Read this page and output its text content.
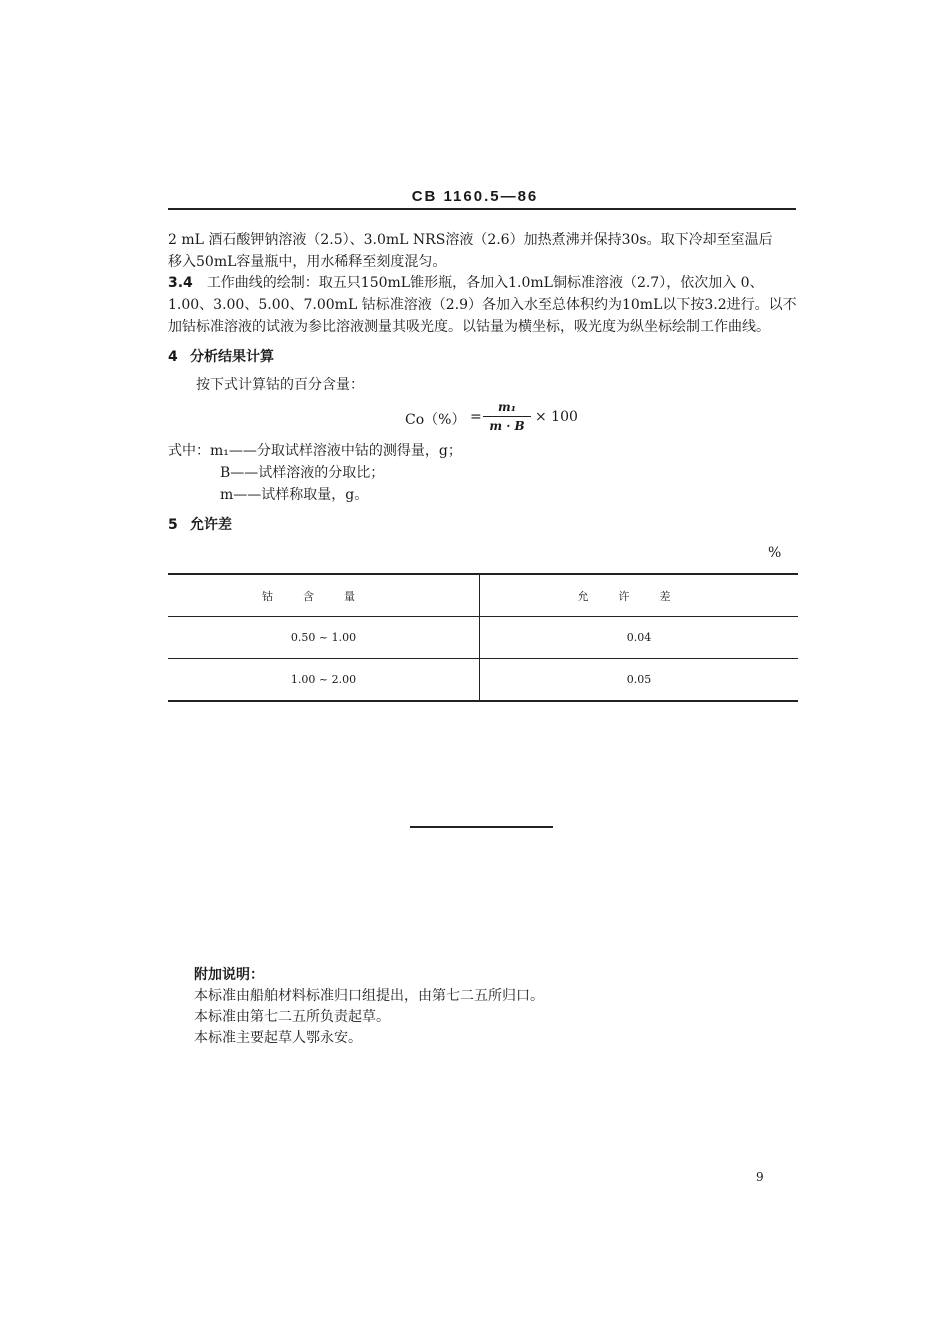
CB 1160.5—86
2 mL 酒石酸钾钠溶液（2.5）、3.0mL NRS溶液（2.6）加热煮沸并保持30s。取下冷却至室温后
移入50mL容量瓶中，用水稀释至刻度混匀。
3.4 工作曲线的绘制：取五只150mL锥形瓶，各加入1.0mL铜标准溶液（2.7），依次加入 0、1.00、3.00、5.00、7.00mL 钴标准溶液（2.9）各加入水至总体积约为10mL以下按3.2进行。以不加钴标准溶液的试液为参比溶液测量其吸光度。以钴量为横坐标，吸光度为纵坐标绘制工作曲线。
4 分析结果计算
按下式计算钴的百分含量：
Co（%） =
m₁
m · B
× 100
式中：m₁——分取试样溶液中钴的测得量，g；
B——试样溶液的分取比；
m——试样称取量，g。
5 允许差
%
钴含量	允许差
0.50 ~ 1.00	0.04
1.00 ~ 2.00	0.05
附加说明：
本标准由船舶材料标准归口组提出，由第七二五所归口。
本标准由第七二五所负责起草。
本标准主要起草人鄂永安。
9
